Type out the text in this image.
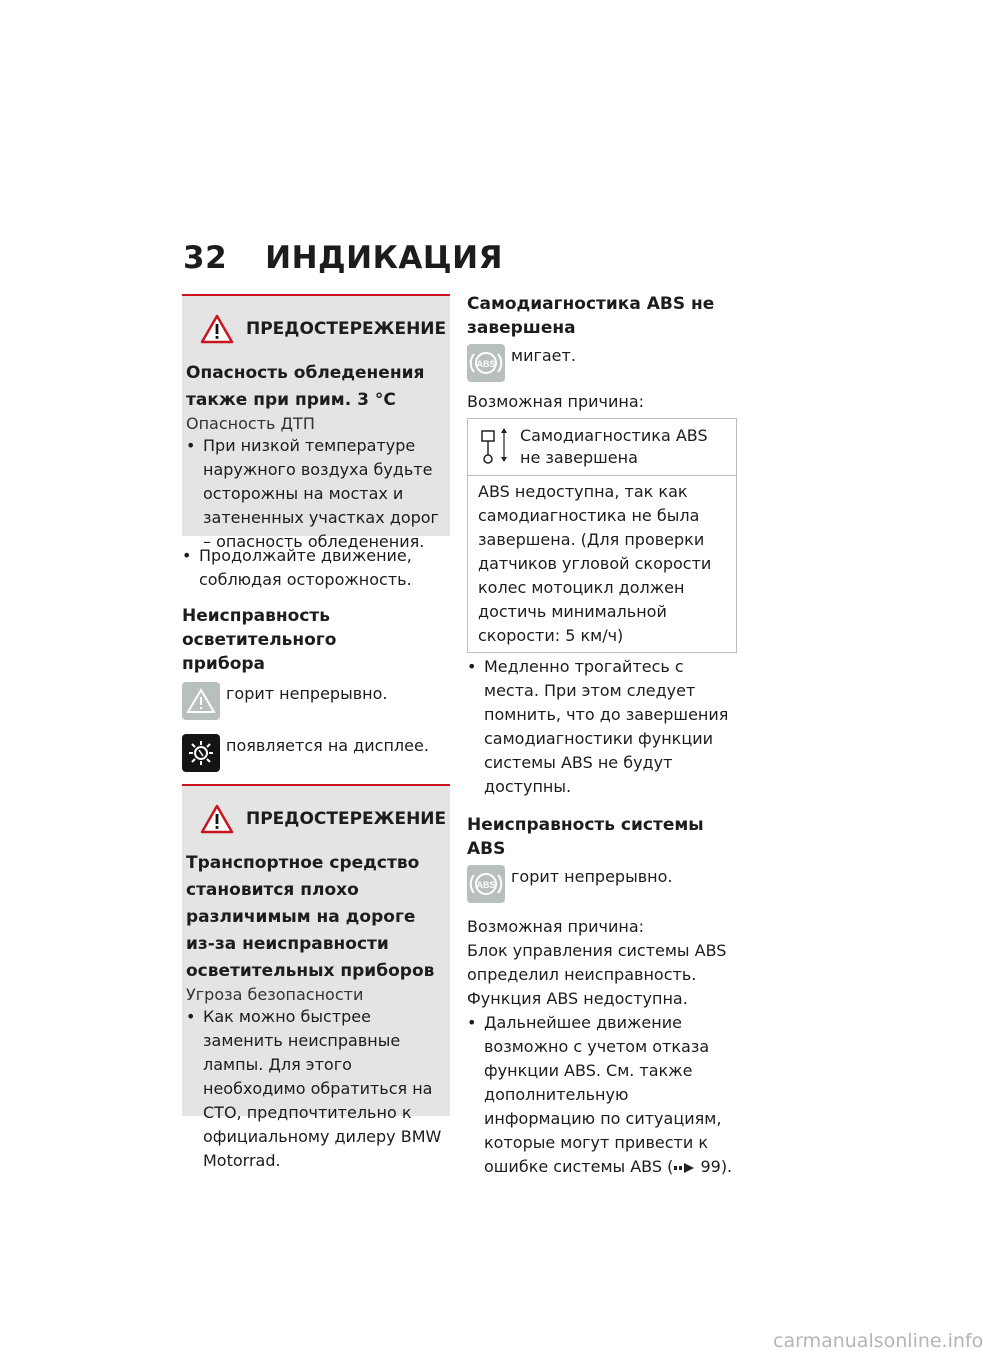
32 ИНДИКАЦИЯ
ПРЕДОСТЕРЕЖЕНИЕ
Опасность обледенения также при прим. 3 °C
Опасность ДТП
• При низкой температуре наружного воздуха будьте осторожны на мостах и затененных участках дорог – опасность обледенения.
• Продолжайте движение, соблюдая осторожность.
Неисправность осветительного прибора
горит непрерывно.
появляется на дисплее.
ПРЕДОСТЕРЕЖЕНИЕ
Транспортное средство становится плохо различимым на дороге из-за неисправности осветительных приборов
Угроза безопасности
• Как можно быстрее заменить неисправные лампы. Для этого необходимо обратиться на СТО, предпочтительно к официальному дилеру BMW Motorrad.
Самодиагностика ABS не завершена
ABS мигает.
Возможная причина:
Самодиагностика ABS не завершена
ABS недоступна, так как самодиагностика не была завершена. (Для проверки датчиков угловой скорости колес мотоцикл должен достичь минимальной скорости: 5 км/ч)
• Медленно трогайтесь с места. При этом следует помнить, что до завершения самодиагностики функции системы ABS не будут доступны.
Неисправность системы ABS
ABS горит непрерывно.
Возможная причина:
Блок управления системы ABS определил неисправность. Функция ABS недоступна.
• Дальнейшее движение возможно с учетом отказа функции ABS. См. также дополнительную информацию по ситуациям, которые могут привести к ошибке системы ABS ( 99).
carmanualsonline.info
